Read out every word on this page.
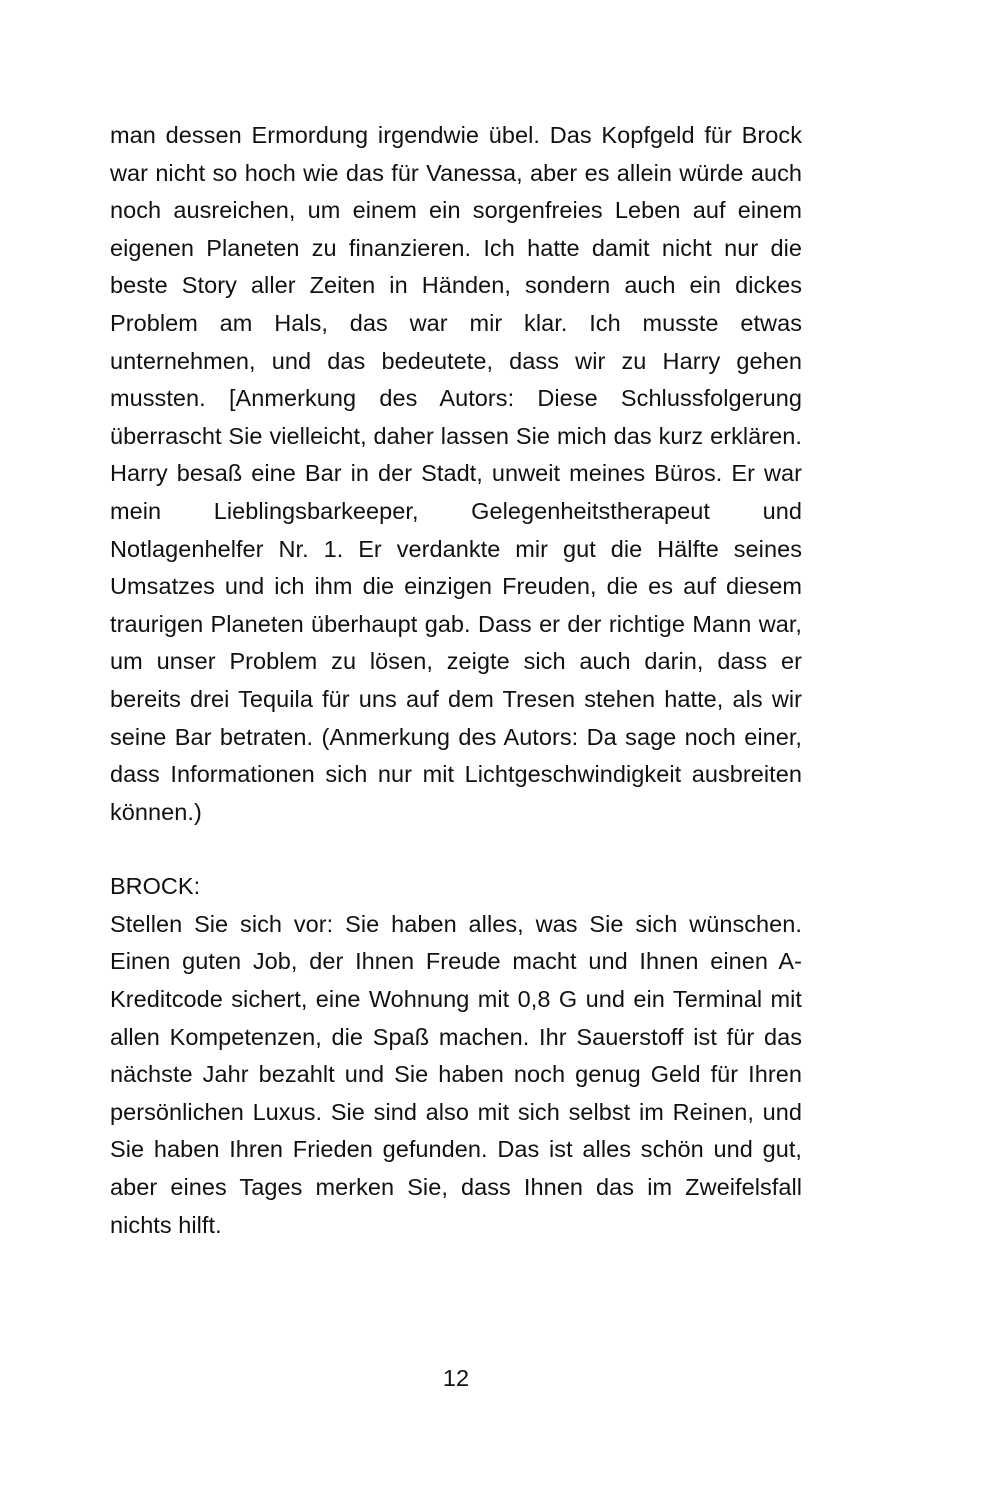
man dessen Ermordung irgendwie übel. Das Kopfgeld für Brock war nicht so hoch wie das für Vanessa, aber es allein würde auch noch ausreichen, um einem ein sorgenfreies Leben auf einem eigenen Planeten zu finanzieren. Ich hatte damit nicht nur die beste Story aller Zeiten in Händen, sondern auch ein dickes Problem am Hals, das war mir klar. Ich musste etwas unternehmen, und das bedeutete, dass wir zu Harry gehen mussten. [Anmerkung des Autors: Diese Schlussfolgerung überrascht Sie vielleicht, daher lassen Sie mich das kurz erklären. Harry besaß eine Bar in der Stadt, unweit meines Büros. Er war mein Lieblingsbarkeeper, Gelegenheitstherapeut und Notlagenhelfer Nr. 1. Er verdankte mir gut die Hälfte seines Umsatzes und ich ihm die einzigen Freuden, die es auf diesem traurigen Planeten überhaupt gab. Dass er der richtige Mann war, um unser Problem zu lösen, zeigte sich auch darin, dass er bereits drei Tequila für uns auf dem Tresen stehen hatte, als wir seine Bar betraten. (Anmerkung des Autors: Da sage noch einer, dass Informationen sich nur mit Lichtgeschwindigkeit ausbreiten können.)

BROCK:

Stellen Sie sich vor: Sie haben alles, was Sie sich wünschen. Einen guten Job, der Ihnen Freude macht und Ihnen einen A-Kreditcode sichert, eine Wohnung mit 0,8 G und ein Terminal mit allen Kompetenzen, die Spaß machen. Ihr Sauerstoff ist für das nächste Jahr bezahlt und Sie haben noch genug Geld für Ihren persönlichen Luxus. Sie sind also mit sich selbst im Reinen, und Sie haben Ihren Frieden gefunden. Das ist alles schön und gut, aber eines Tages merken Sie, dass Ihnen das im Zweifelsfall nichts hilft.

12
